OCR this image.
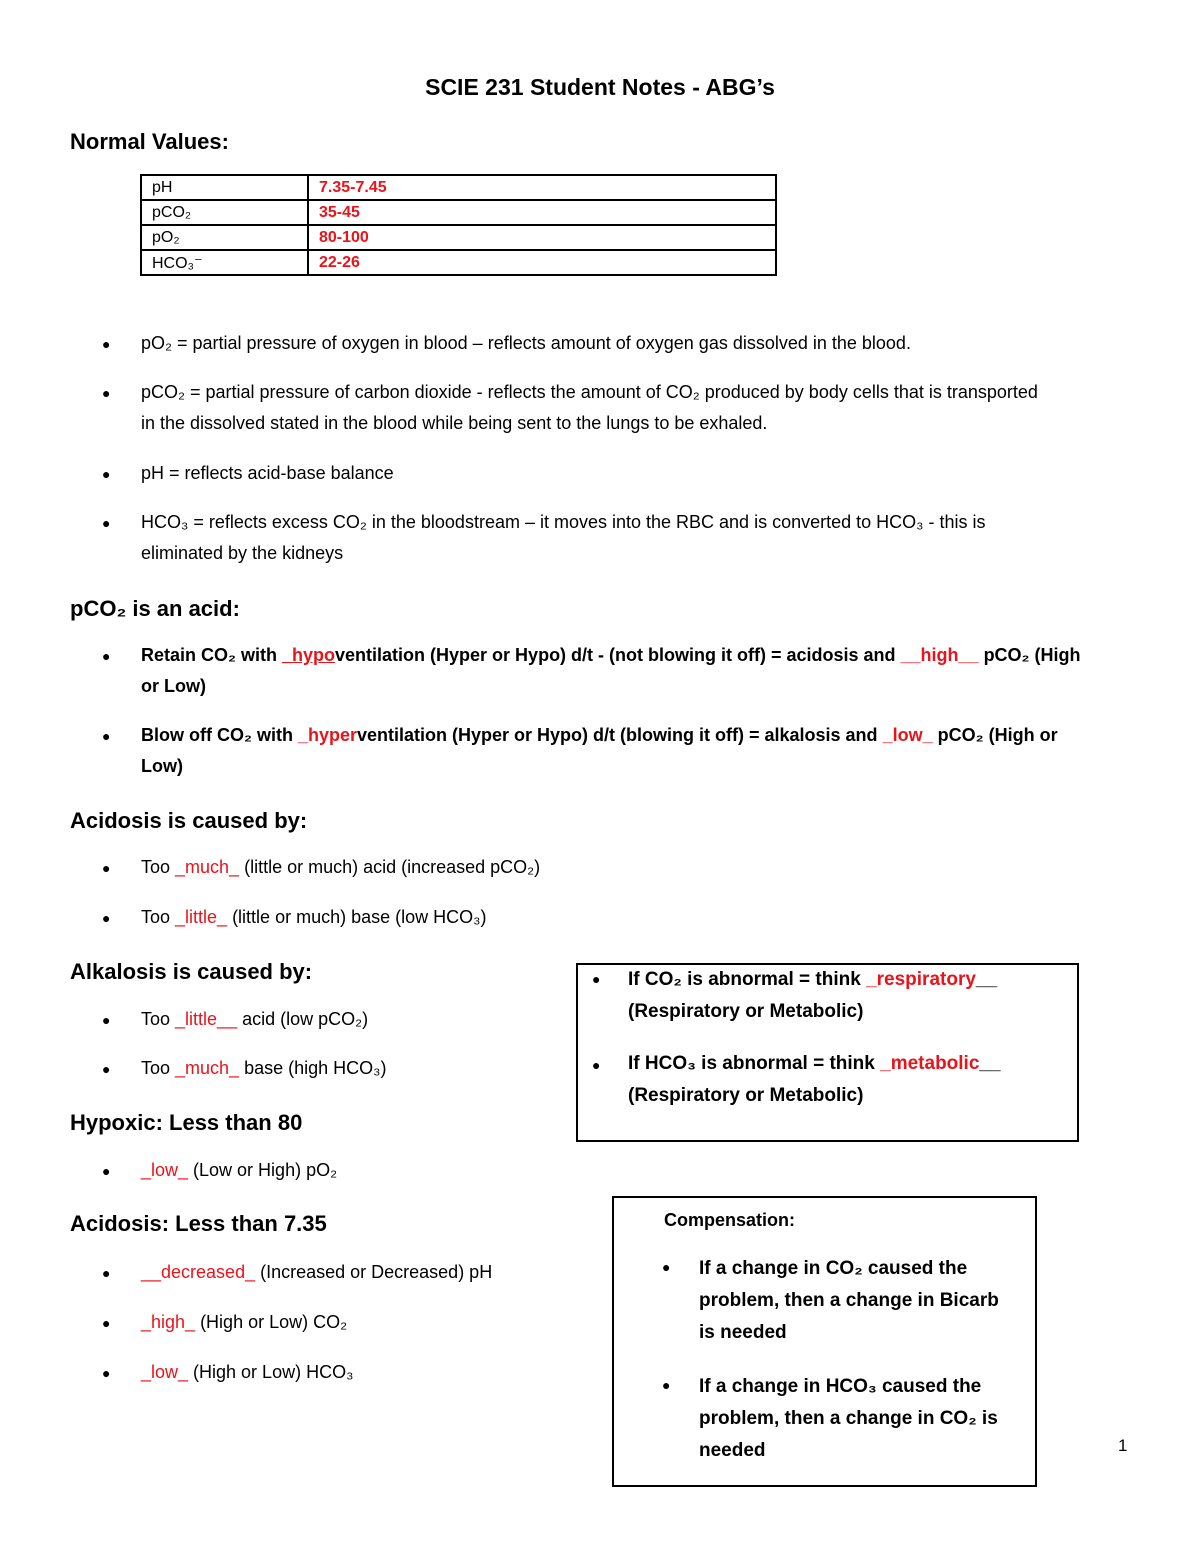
SCIE 231 Student Notes - ABG’s
Normal Values:
pH	7.35-7.45
pCO₂	35-45
pO₂	80-100
HCO₃⁻	22-26
● pO₂ = partial pressure of oxygen in blood – reflects amount of oxygen gas dissolved in the blood.
● pCO₂ = partial pressure of carbon dioxide - reflects the amount of CO₂ produced by body cells that is transported
in the dissolved stated in the blood while being sent to the lungs to be exhaled.
● pH = reflects acid-base balance
● HCO₃ = reflects excess CO₂ in the bloodstream – it moves into the RBC and is converted to HCO₃ - this is
eliminated by the kidneys
pCO₂ is an acid:
● Retain CO₂ with _hypoventilation (Hyper or Hypo) d/t - (not blowing it off) = acidosis and __high__ pCO₂ (High
or Low)
● Blow off CO₂ with _hyperventilation (Hyper or Hypo) d/t (blowing it off) = alkalosis and _low_ pCO₂ (High or
Low)
Acidosis is caused by:
● Too _much_ (little or much) acid (increased pCO₂)
● Too _little_ (little or much) base (low HCO₃)
Alkalosis is caused by:
● Too _little__ acid (low pCO₂)
● Too _much_ base (high HCO₃)
Hypoxic: Less than 80
● _low_ (Low or High) pO₂
Acidosis: Less than 7.35
● __decreased_ (Increased or Decreased) pH
● _high_ (High or Low) CO₂
● _low_ (High or Low) HCO₃
● If CO₂ is abnormal = think _respiratory__
(Respiratory or Metabolic)
● If HCO₃ is abnormal = think _metabolic__
(Respiratory or Metabolic)
Compensation:
● If a change in CO₂ caused the
problem, then a change in Bicarb
is needed
● If a change in HCO₃ caused the
problem, then a change in CO₂ is
needed	1
